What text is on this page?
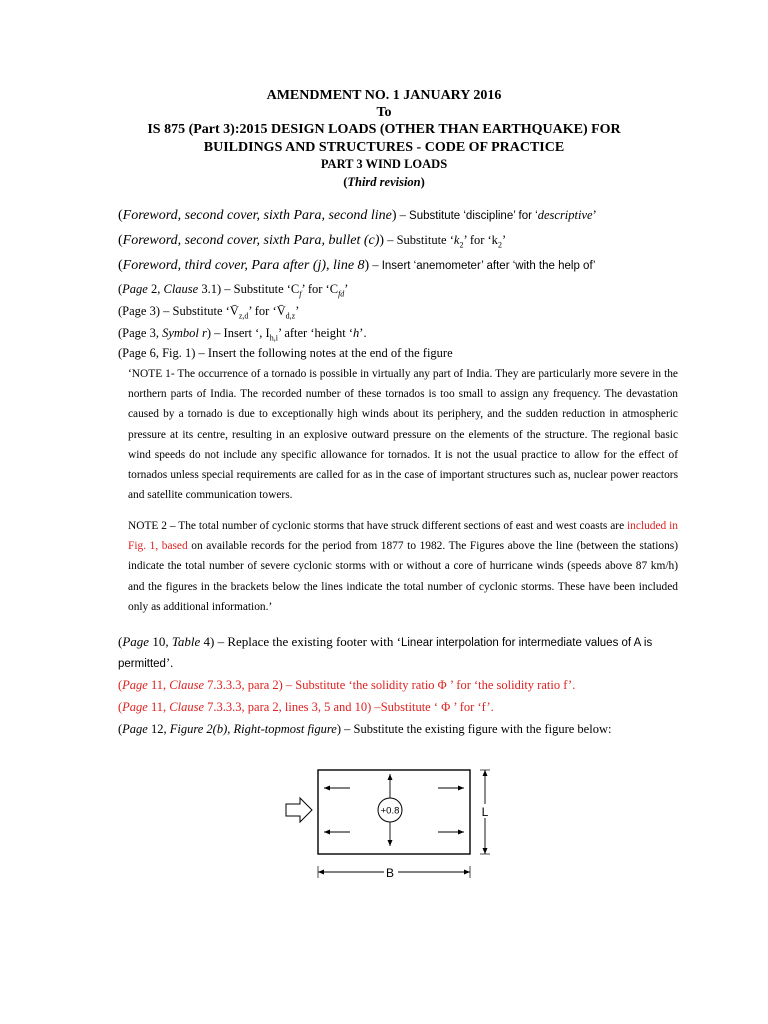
AMENDMENT NO. 1 JANUARY 2016
To
IS 875 (Part 3):2015 DESIGN LOADS (OTHER THAN EARTHQUAKE) FOR
BUILDINGS AND STRUCTURES - CODE OF PRACTICE
PART 3 WIND LOADS
(Third revision)
(Foreword, second cover, sixth Para, second line) – Substitute ‘discipline’ for ‘descriptive’
(Foreword, second cover, sixth Para, bullet (c)) – Substitute ‘$k_2$’ for ‘$k_2$’
(Foreword, third cover, Para after (j), line 8) – Insert ‘anemometer’ after ‘with the help of’
(Page 2, Clause 3.1) – Substitute ‘$C_f$’ for ‘$C_{fd}$’
(Page 3) – Substitute ‘$V̄_{z,d}$’ for ‘$V̄_{d,z}$’
(Page 3, Symbol r) – Insert ‘, $I_{h,i}$’ after ‘height ‘h’.
(Page 6, Fig. 1) – Insert the following notes at the end of the figure
‘NOTE 1- The occurrence of a tornado is possible in virtually any part of India. They are particularly more severe in the northern parts of India. The recorded number of these tornados is too small to assign any frequency. The devastation caused by a tornado is due to exceptionally high winds about its periphery, and the sudden reduction in atmospheric pressure at its centre, resulting in an explosive outward pressure on the elements of the structure. The regional basic wind speeds do not include any specific allowance for tornados. It is not the usual practice to allow for the effect of tornados unless special requirements are called for as in the case of important structures such as, nuclear power reactors and satellite communication towers.
NOTE 2 – The total number of cyclonic storms that have struck different sections of east and west coasts are included in Fig. 1, based on available records for the period from 1877 to 1982. The Figures above the line (between the stations) indicate the total number of severe cyclonic storms with or without a core of hurricane winds (speeds above 87 km/h) and the figures in the brackets below the lines indicate the total number of cyclonic storms. These have been included only as additional information.’
(Page 10, Table 4) – Replace the existing footer with ‘Linear interpolation for intermediate values of A is
permitted’.
(Page 11, Clause 7.3.3.3, para 2) – Substitute ‘the solidity ratio Φ ’ for ‘the solidity ratio f’.
(Page 11, Clause 7.3.3.3, para 2, lines 3, 5 and 10) –Substitute ‘ Φ ’ for ‘f’.
(Page 12, Figure 2(b), Right-topmost figure) – Substitute the existing figure with the figure below:
+0.8	L
B
